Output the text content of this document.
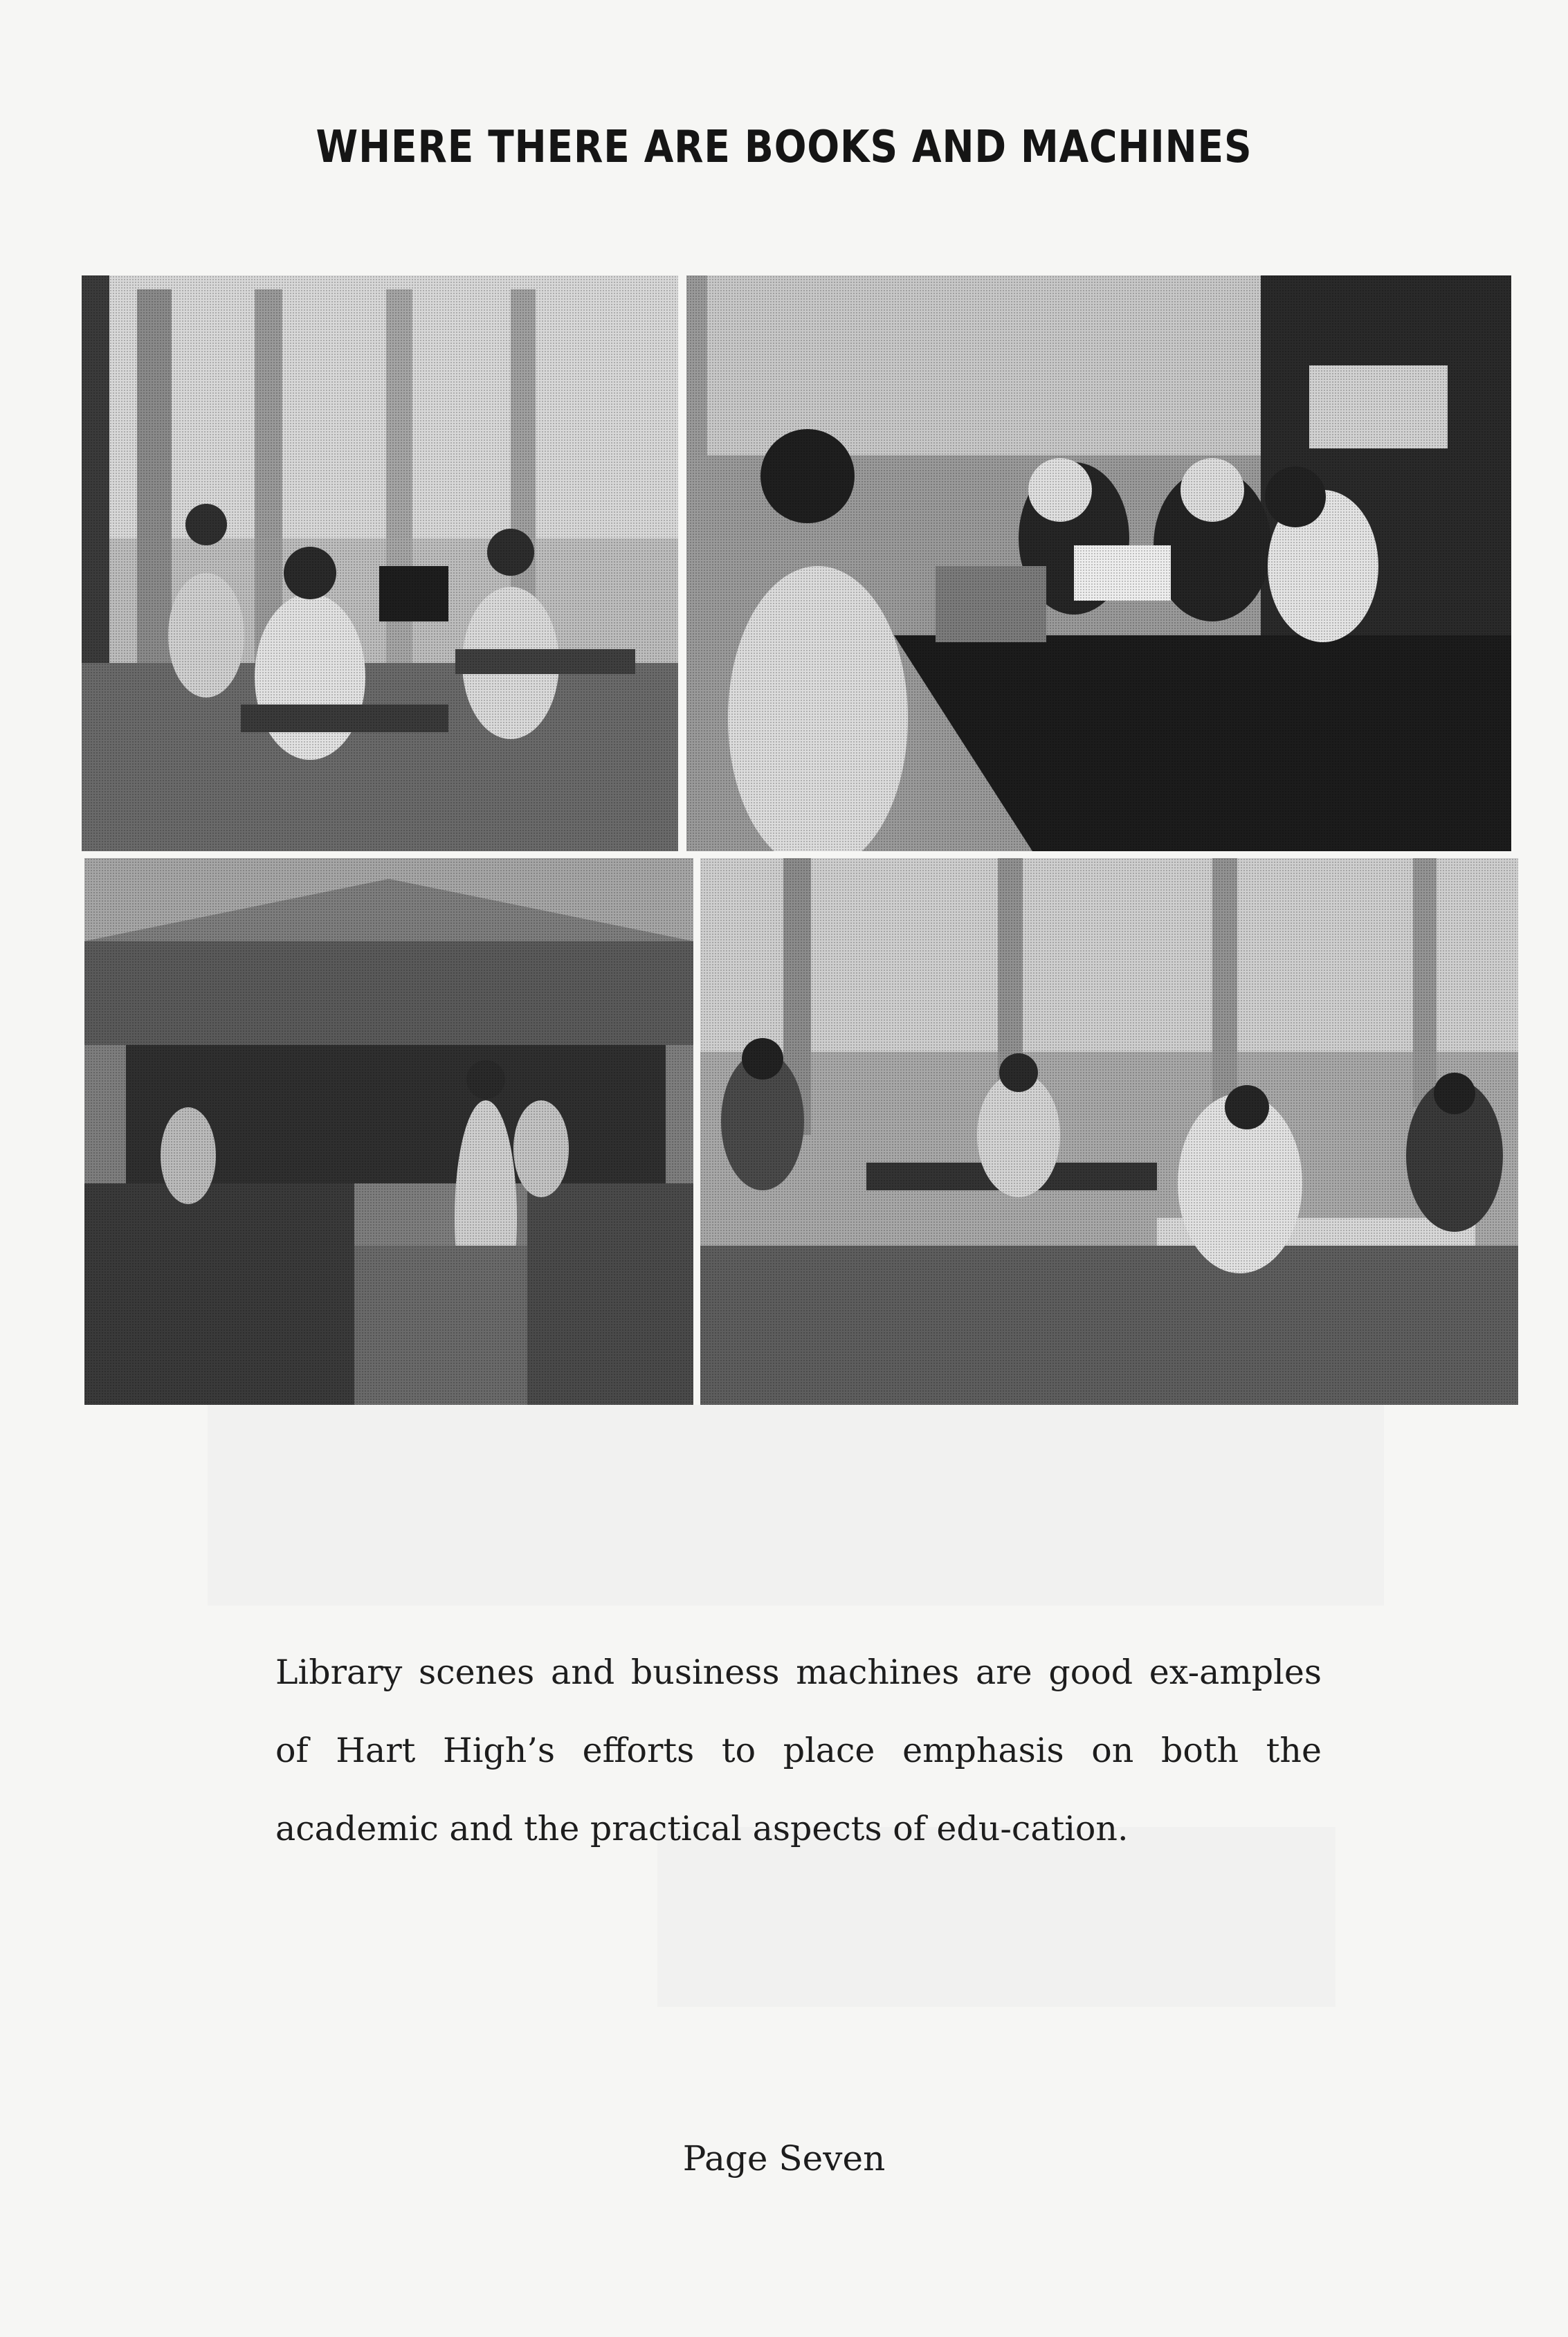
WHERE THERE ARE BOOKS AND MACHINES
Library scenes and business machines are good ex-amples of Hart High’s efforts to place emphasis on both the academic and the practical aspects of edu-cation.
Page Seven
